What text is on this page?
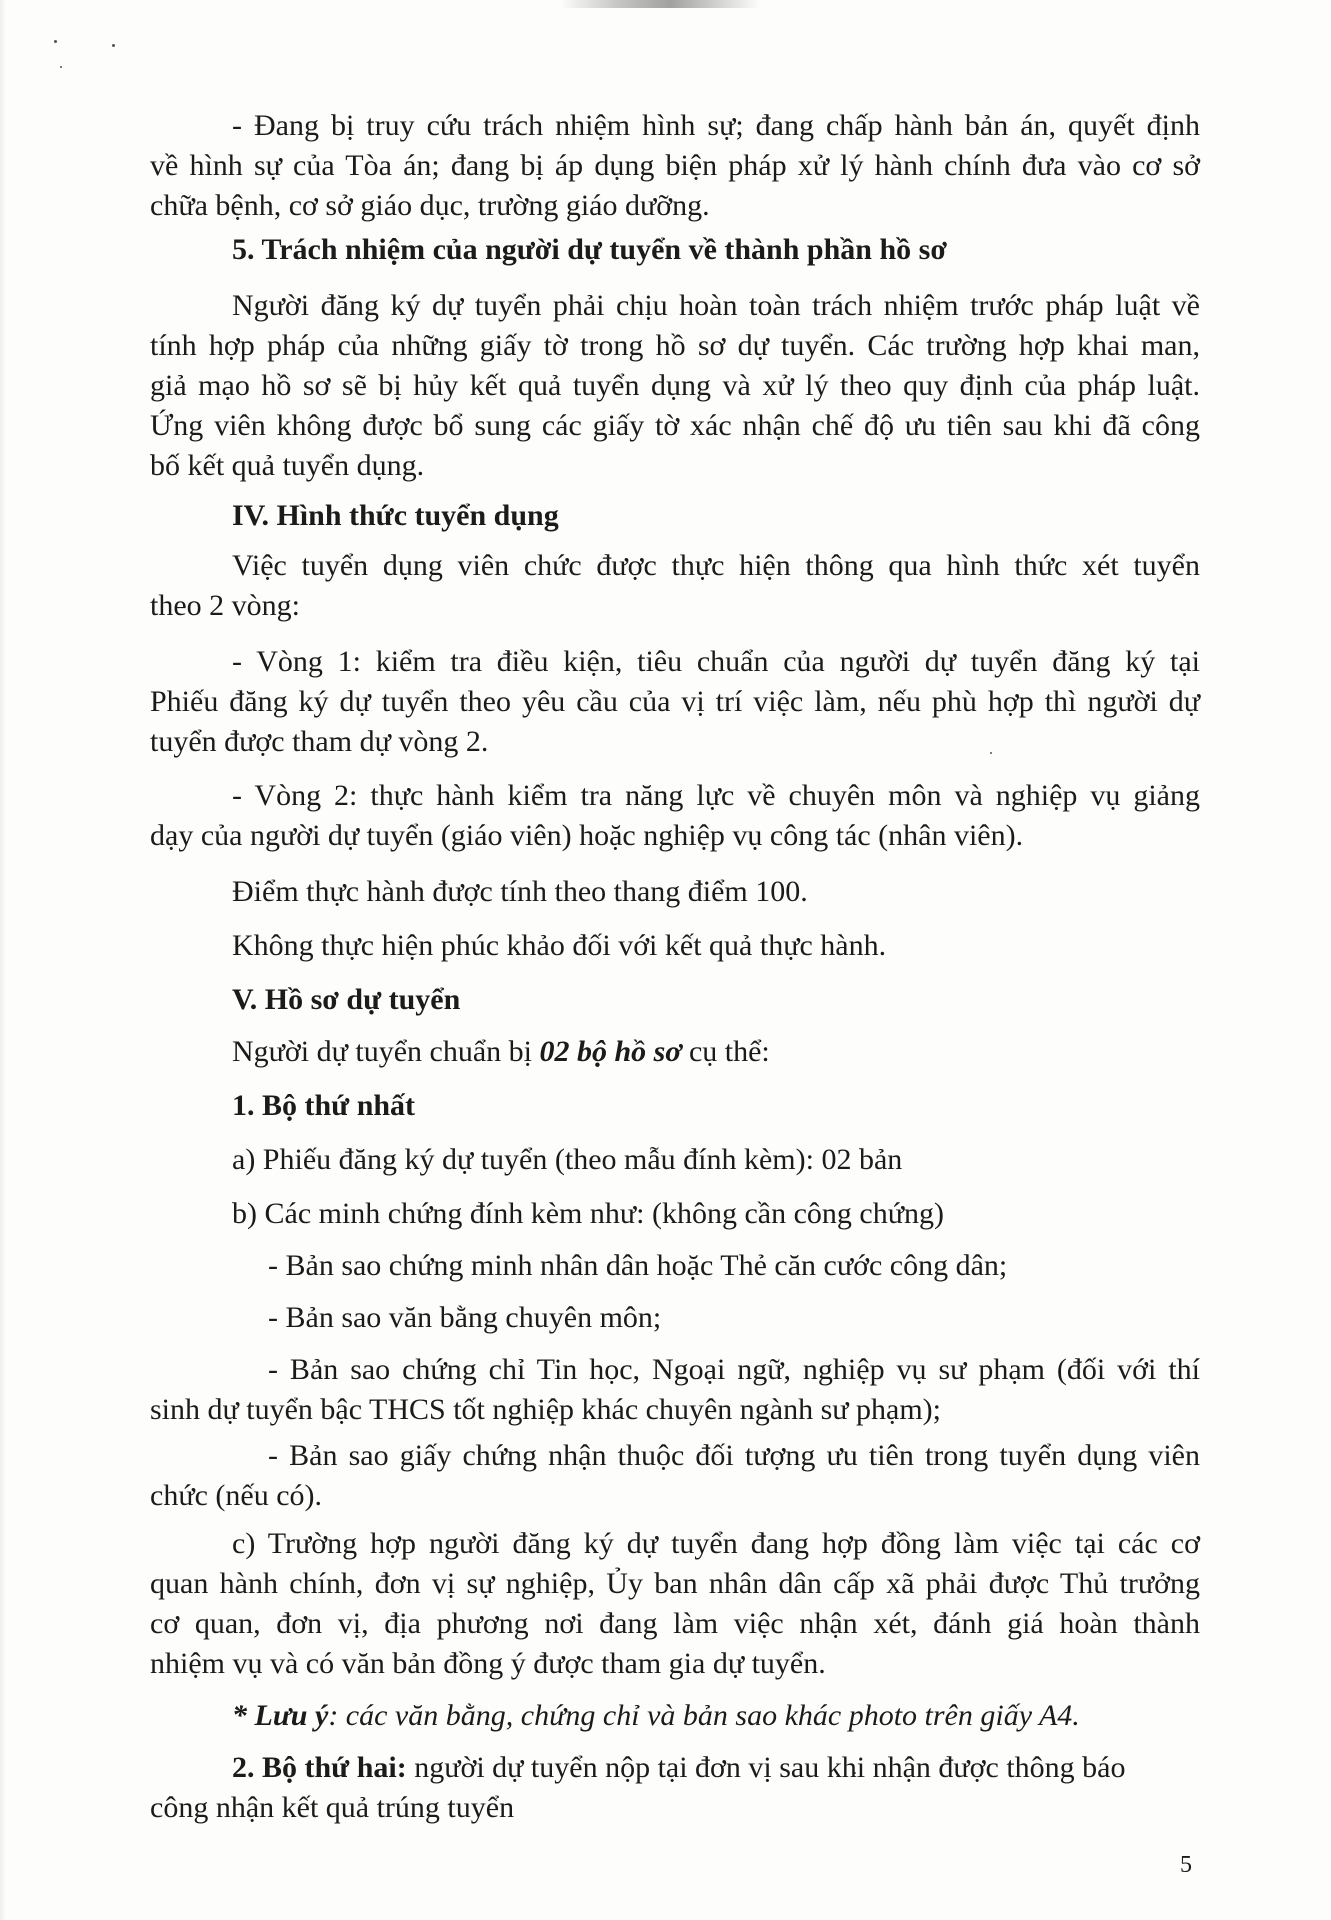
- Đang bị truy cứu trách nhiệm hình sự; đang chấp hành bản án, quyết định
về hình sự của Tòa án; đang bị áp dụng biện pháp xử lý hành chính đưa vào cơ sở
chữa bệnh, cơ sở giáo dục, trường giáo dưỡng.
5. Trách nhiệm của người dự tuyển về thành phần hồ sơ
Người đăng ký dự tuyển phải chịu hoàn toàn trách nhiệm trước pháp luật về
tính hợp pháp của những giấy tờ trong hồ sơ dự tuyển. Các trường hợp khai man,
giả mạo hồ sơ sẽ bị hủy kết quả tuyển dụng và xử lý theo quy định của pháp luật.
Ứng viên không được bổ sung các giấy tờ xác nhận chế độ ưu tiên sau khi đã công
bố kết quả tuyển dụng.
IV. Hình thức tuyển dụng
Việc tuyển dụng viên chức được thực hiện thông qua hình thức xét tuyển
theo 2 vòng:
- Vòng 1: kiểm tra điều kiện, tiêu chuẩn của người dự tuyển đăng ký tại
Phiếu đăng ký dự tuyển theo yêu cầu của vị trí việc làm, nếu phù hợp thì người dự
tuyển được tham dự vòng 2.
- Vòng 2: thực hành kiểm tra năng lực về chuyên môn và nghiệp vụ giảng
dạy của người dự tuyển (giáo viên) hoặc nghiệp vụ công tác (nhân viên).
Điểm thực hành được tính theo thang điểm 100.
Không thực hiện phúc khảo đối với kết quả thực hành.
V. Hồ sơ dự tuyển
Người dự tuyển chuẩn bị 02 bộ hồ sơ cụ thể:
1. Bộ thứ nhất
a) Phiếu đăng ký dự tuyển (theo mẫu đính kèm): 02 bản
b) Các minh chứng đính kèm như: (không cần công chứng)
- Bản sao chứng minh nhân dân hoặc Thẻ căn cước công dân;
- Bản sao văn bằng chuyên môn;
- Bản sao chứng chỉ Tin học, Ngoại ngữ, nghiệp vụ sư phạm (đối với thí
sinh dự tuyển bậc THCS tốt nghiệp khác chuyên ngành sư phạm);
- Bản sao giấy chứng nhận thuộc đối tượng ưu tiên trong tuyển dụng viên
chức (nếu có).
c) Trường hợp người đăng ký dự tuyển đang hợp đồng làm việc tại các cơ
quan hành chính, đơn vị sự nghiệp, Ủy ban nhân dân cấp xã phải được Thủ trưởng
cơ quan, đơn vị, địa phương nơi đang làm việc nhận xét, đánh giá hoàn thành
nhiệm vụ và có văn bản đồng ý được tham gia dự tuyển.
* Lưu ý: các văn bằng, chứng chỉ và bản sao khác photo trên giấy A4.
2. Bộ thứ hai: người dự tuyển nộp tại đơn vị sau khi nhận được thông báo
công nhận kết quả trúng tuyển
5
